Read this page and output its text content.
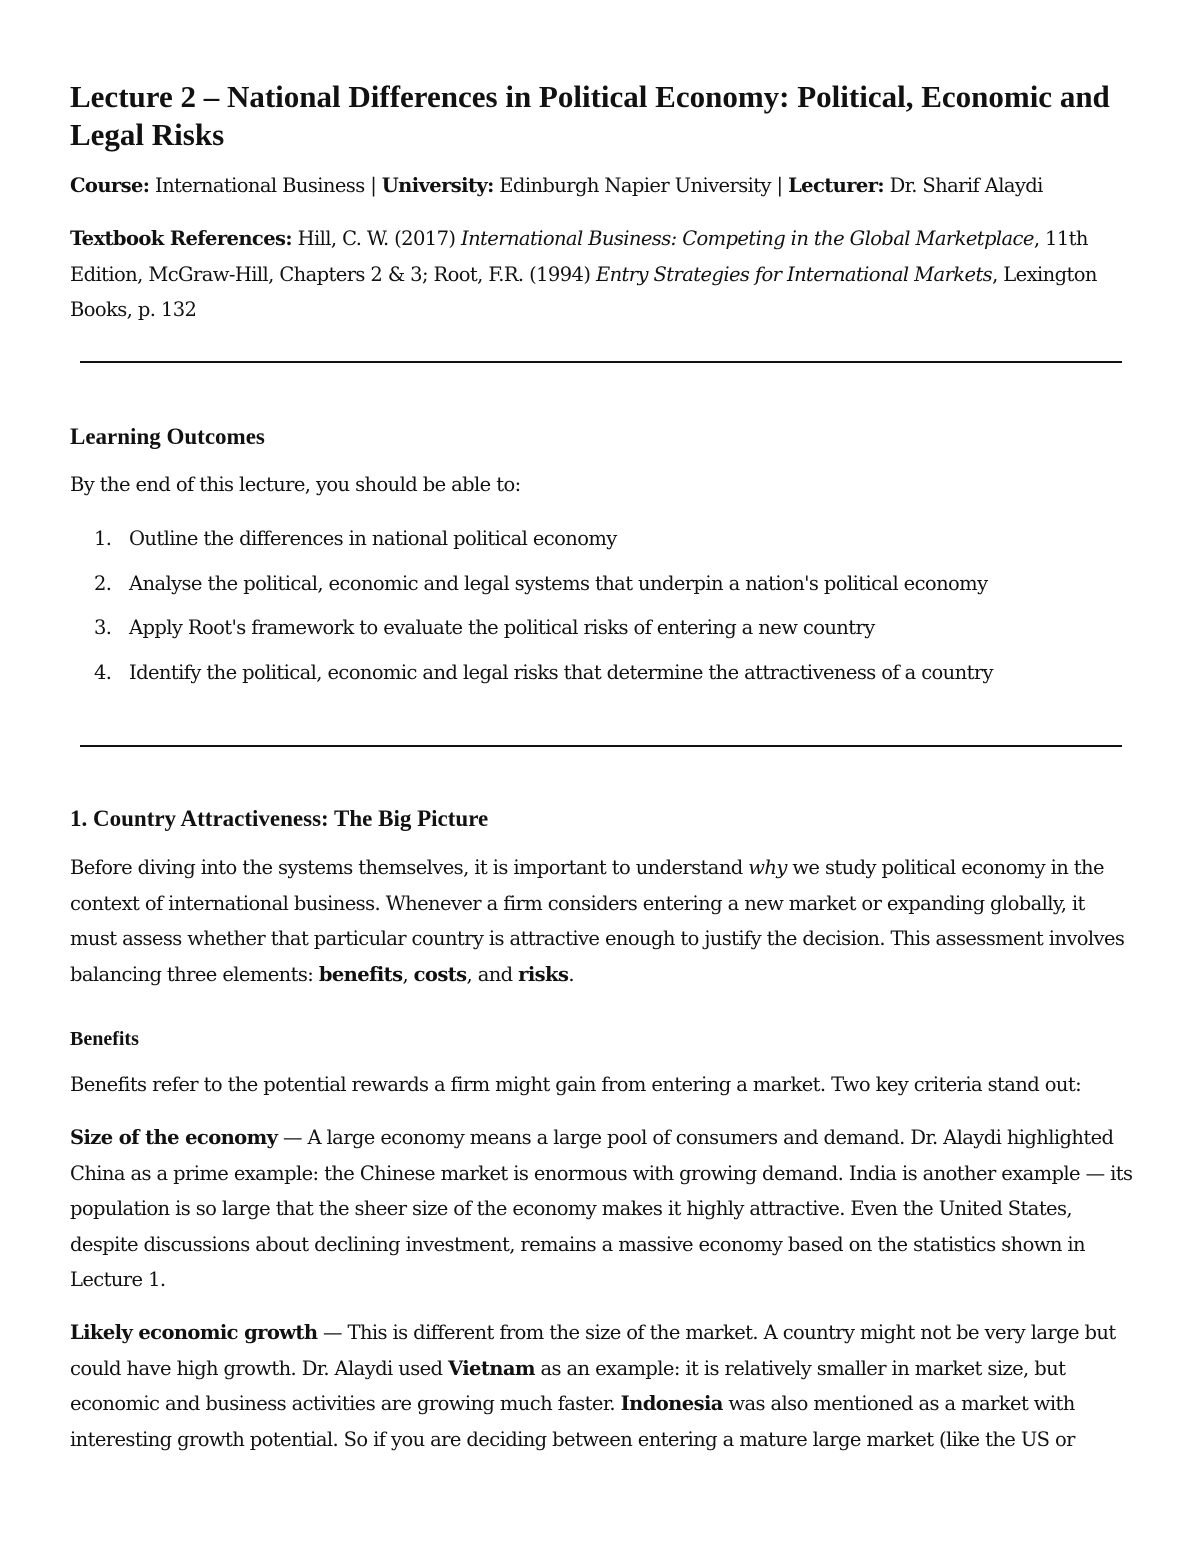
Lecture 2 – National Differences in Political Economy: Political, Economic and Legal Risks

Course: International Business | University: Edinburgh Napier University | Lecturer: Dr. Sharif Alaydi

Textbook References: Hill, C. W. (2017) International Business: Competing in the Global Marketplace, 11th Edition, McGraw-Hill, Chapters 2 & 3; Root, F.R. (1994) Entry Strategies for International Markets, Lexington Books, p. 132

Learning Outcomes

By the end of this lecture, you should be able to:

1. Outline the differences in national political economy
2. Analyse the political, economic and legal systems that underpin a nation's political economy
3. Apply Root's framework to evaluate the political risks of entering a new country
4. Identify the political, economic and legal risks that determine the attractiveness of a country
1. Country Attractiveness: The Big Picture

Before diving into the systems themselves, it is important to understand why we study political economy in the context of international business. Whenever a firm considers entering a new market or expanding globally, it must assess whether that particular country is attractive enough to justify the decision. This assessment involves balancing three elements: benefits, costs, and risks.

Benefits

Benefits refer to the potential rewards a firm might gain from entering a market. Two key criteria stand out:

Size of the economy — A large economy means a large pool of consumers and demand. Dr. Alaydi highlighted China as a prime example: the Chinese market is enormous with growing demand. India is another example — its population is so large that the sheer size of the economy makes it highly attractive. Even the United States, despite discussions about declining investment, remains a massive economy based on the statistics shown in Lecture 1.

Likely economic growth — This is different from the size of the market. A country might not be very large but could have high growth. Dr. Alaydi used Vietnam as an example: it is relatively smaller in market size, but economic and business activities are growing much faster. Indonesia was also mentioned as a market with interesting growth potential. So if you are deciding between entering a mature large market (like the US or
